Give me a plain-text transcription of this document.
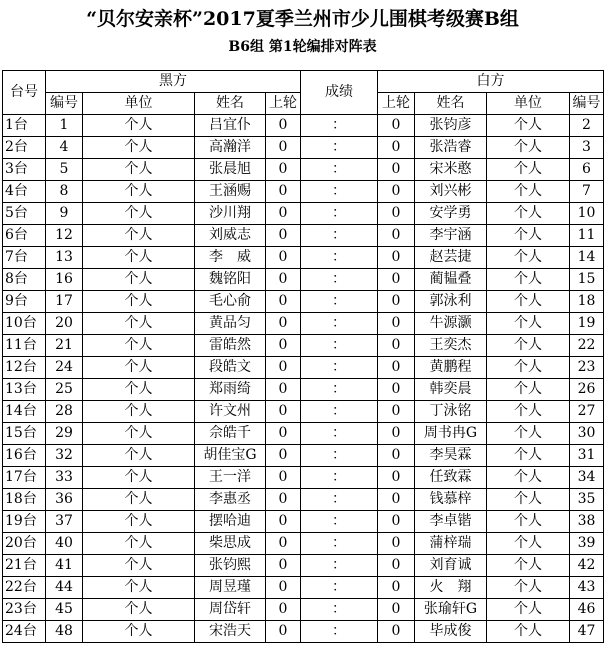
“贝尔安亲杯”2017夏季兰州市少儿围棋考级赛B组
B6组 第1轮编排对阵表
台号	黑方				成绩	白方			
	编号	单位	姓名	上轮		上轮	姓名	单位	编号
1台	1	个人	吕宜仆	0	：	0	张钧彦	个人	2
2台	4	个人	高瀚洋	0	：	0	张浩睿	个人	3
3台	5	个人	张晨旭	0	：	0	宋米憨	个人	6
4台	8	个人	王涵赐	0	：	0	刘兴彬	个人	7
5台	9	个人	沙川翔	0	：	0	安学勇	个人	10
6台	12	个人	刘威志	0	：	0	李宇涵	个人	11
7台	13	个人	李　威	0	：	0	赵芸捷	个人	14
8台	16	个人	魏铭阳	0	：	0	蔺韫叠	个人	15
9台	17	个人	毛心俞	0	：	0	郭泳利	个人	18
10台	20	个人	黄品匀	0	：	0	牛源灏	个人	19
11台	21	个人	雷皓然	0	：	0	王奕杰	个人	22
12台	24	个人	段皓文	0	：	0	黄鹏程	个人	23
13台	25	个人	郑雨绮	0	：	0	韩奕晨	个人	26
14台	28	个人	许文州	0	：	0	丁泳铭	个人	27
15台	29	个人	佘皓千	0	：	0	周书冉G	个人	30
16台	32	个人	胡佳宝G	0	：	0	李昊霖	个人	31
17台	33	个人	王一洋	0	：	0	任致霖	个人	34
18台	36	个人	李惠丞	0	：	0	钱慕梓	个人	35
19台	37	个人	摆哈迪	0	：	0	李卓锴	个人	38
20台	40	个人	柴思成	0	：	0	蒲梓瑞	个人	39
21台	41	个人	张钧熙	0	：	0	刘育诚	个人	42
22台	44	个人	周昱瑾	0	：	0	火　翔	个人	43
23台	45	个人	周岱轩	0	：	0	张瑜轩G	个人	46
24台	48	个人	宋浩天	0	：	0	毕成俊	个人	47
